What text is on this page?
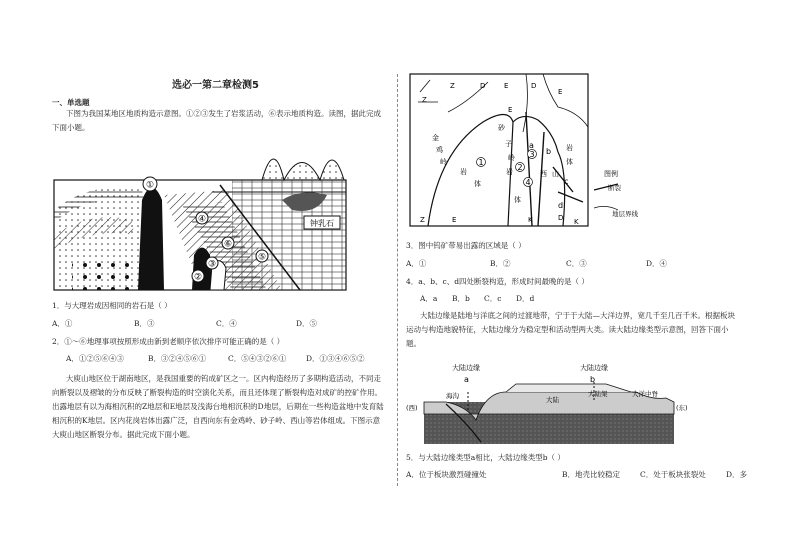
选必一第二章检测5
一、单选题
下图为我国某地区地质构造示意图。①②③发生了岩浆活动，⑥表示地质构造。读图，据此完成下面小题。
①
②
③
④
⑤
⑥
钟乳石
1．与大理岩成因相同的岩石是（ ）
A．①	B．③	C．④	D．⑤
2．①～⑥地理事项按照形成由新到老顺序依次排序可能正确的是（ ）
A．①②⑤⑥④③	B．③②④⑤⑥①	C．⑤④③②⑥①	D．①③④⑥⑤②
大庾山地区位于湖南地区，是我国重要的钨成矿区之一。区内构造经历了多期构造活动，不同走向断裂以及褶皱的分布反映了断裂构造的时空演化关系，而且还体现了断裂构造对成矿的控矿作用。出露地层有以为海相沉积的Z地层和E地层及浅海台地相沉积的D地层，后期在一些构造盆地中发育陆相沉积的K地层。区内花岗岩体出露广泛，自西向东有金鸡岭、砂子岭、西山等岩体组成。下图示意大庾山地区断裂分布。据此完成下面小题。
金
鸡
岭
岩
体
砂
子
岭
岩
体
西 山
岩
体
Z	D	E	D
Z
E
K
Z	E	K
D
E
a
b
c
d
1
2
3
4
图例
断裂
地层界线
3．图中钨矿带易出露的区域是（ ）
A．①	B．②	C．③	D．④
4．a、b、c、d四处断裂构造，形成时间最晚的是（ ）
A．a B．b C．c D．d
大陆边缘是陆地与洋底之间的过渡地带，宁于于大陆—大洋边界，宽几千至几百千米。根据板块运动与构造地貌特征，大陆边缘分为稳定型和活动型两大类。读大陆边缘类型示意图，回答下面小题。
大陆边缘
a
大陆边缘
b
海沟	大陆
大陆架	大洋中脊
(西)	(东)
5．与大陆边缘类型a相比，大陆边缘类型b（ ）
A．位于板块激烈碰撞处	B．地壳比较稳定	C．处于板块张裂处	D．多
